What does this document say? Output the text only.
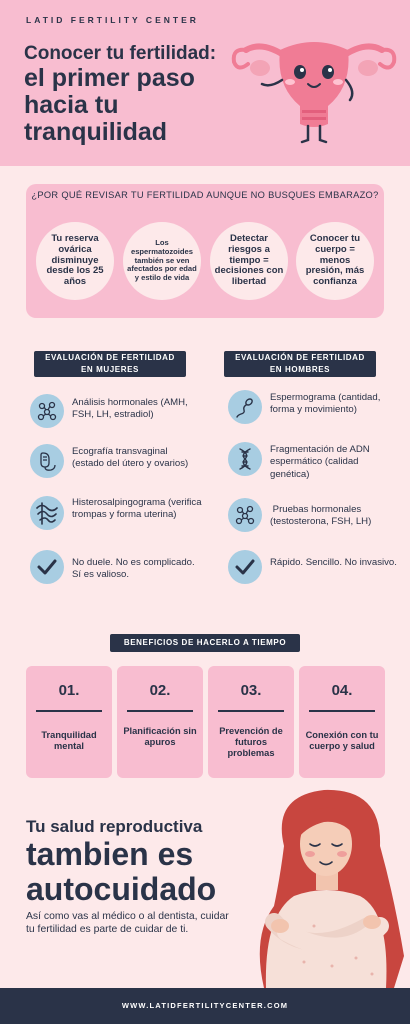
LATID FERTILITY CENTER
Conocer tu fertilidad:
el primer paso
hacia tu
tranquilidad
¿POR QUÉ REVISAR TU FERTILIDAD AUNQUE NO BUSQUES EMBARAZO?
Tu reserva ovárica disminuye desde los 25 años
Los espermatozoides también se ven afectados por edad y estilo de vida
Detectar riesgos a tiempo = decisiones con libertad
Conocer tu cuerpo = menos presión, más confianza
EVALUACIÓN DE FERTILIDAD
EN MUJERES
Análisis hormonales (AMH, FSH, LH, estradiol)
Ecografía transvaginal (estado del útero y ovarios)
Histerosalpingograma (verifica trompas y forma uterina)
No duele. No es complicado. Sí es valioso.
EVALUACIÓN DE FERTILIDAD
EN HOMBRES
Espermograma (cantidad, forma y movimiento)
Fragmentación de ADN espermático (calidad genética)
Pruebas hormonales (testosterona, FSH, LH)
Rápido. Sencillo. No invasivo.
BENEFICIOS DE HACERLO A TIEMPO
01.
Tranquilidad mental
02.
Planificación sin apuros
03.
Prevención de futuros problemas
04.
Conexión con tu cuerpo y salud
Tu salud reproductiva
tambien es
autocuidado
Así como vas al médico o al dentista, cuidar tu fertilidad es parte de cuidar de ti.
WWW.LATIDFERTILITYCENTER.COM
